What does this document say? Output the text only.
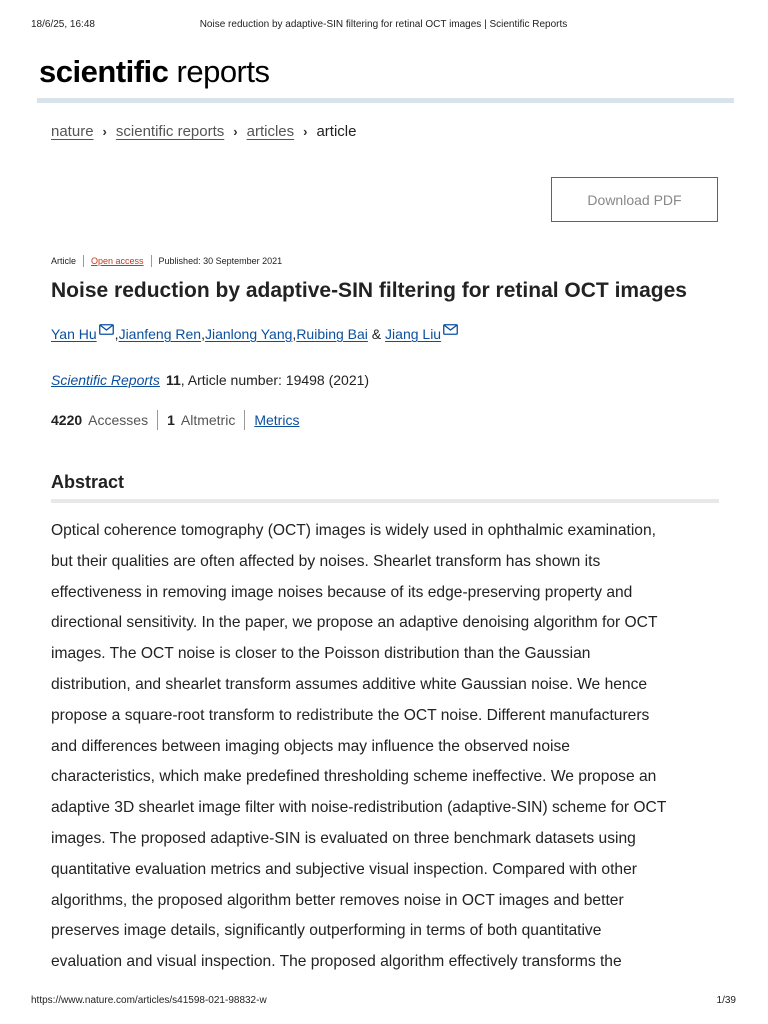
18/6/25, 16:48	Noise reduction by adaptive-SIN filtering for retinal OCT images | Scientific Reports
scientific reports
nature › scientific reports › articles › article
Download PDF
Article Open access Published: 30 September 2021
Noise reduction by adaptive-SIN filtering for retinal OCT images
Yan Hu , Jianfeng Ren , Jianlong Yang , Ruibing Bai & Jiang Liu
Scientific Reports 11, Article number: 19498 (2021)
4220 Accesses 1 Altmetric Metrics
Abstract

Optical coherence tomography (OCT) images is widely used in ophthalmic examination,
but their qualities are often affected by noises. Shearlet transform has shown its
effectiveness in removing image noises because of its edge-preserving property and
directional sensitivity. In the paper, we propose an adaptive denoising algorithm for OCT
images. The OCT noise is closer to the Poisson distribution than the Gaussian
distribution, and shearlet transform assumes additive white Gaussian noise. We hence
propose a square-root transform to redistribute the OCT noise. Different manufacturers
and differences between imaging objects may influence the observed noise
characteristics, which make predefined thresholding scheme ineffective. We propose an
adaptive 3D shearlet image filter with noise-redistribution (adaptive-SIN) scheme for OCT
images. The proposed adaptive-SIN is evaluated on three benchmark datasets using
quantitative evaluation metrics and subjective visual inspection. Compared with other
algorithms, the proposed algorithm better removes noise in OCT images and better
preserves image details, significantly outperforming in terms of both quantitative
evaluation and visual inspection. The proposed algorithm effectively transforms the

https://www.nature.com/articles/s41598-021-98832-w	1/39
